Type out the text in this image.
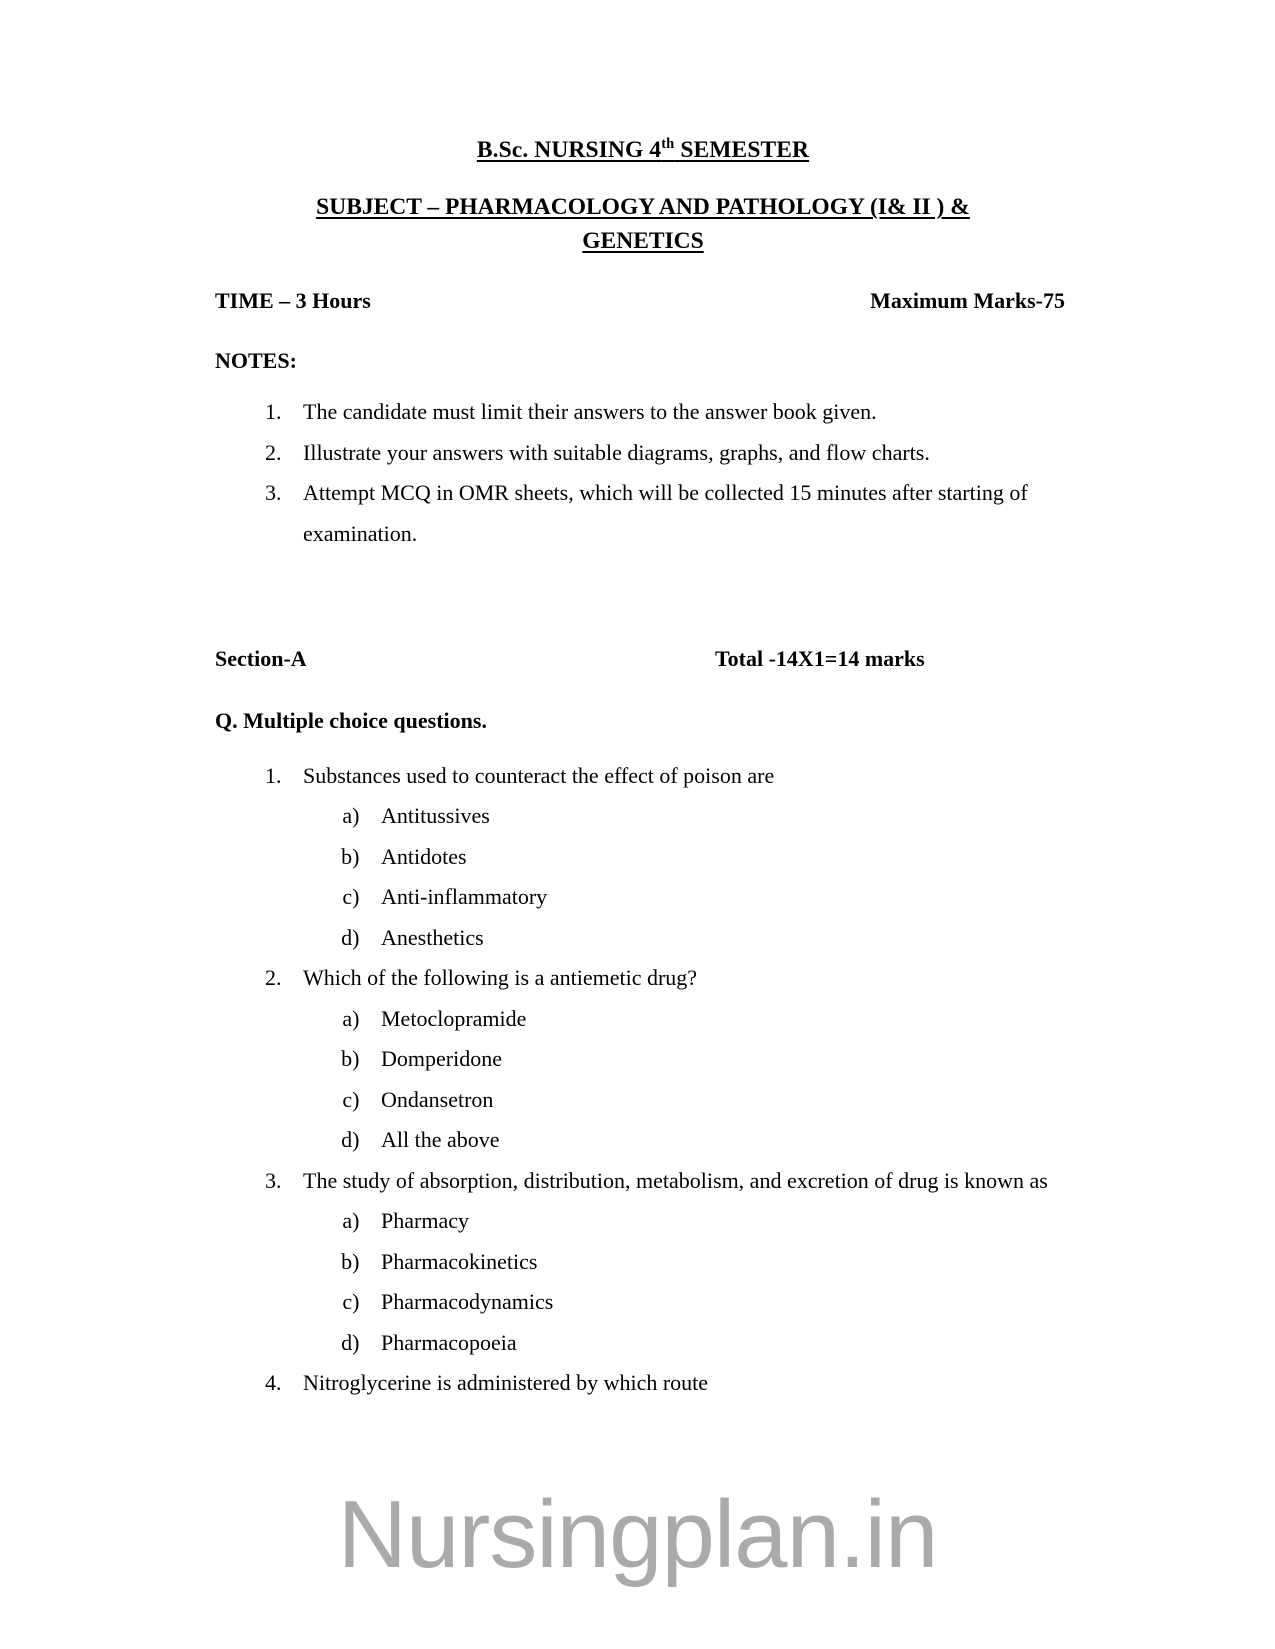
B.Sc. NURSING 4th SEMESTER
SUBJECT – PHARMACOLOGY AND PATHOLOGY (I& II ) &
GENETICS
TIME – 3 Hours	Maximum Marks-75
NOTES:
1. The candidate must limit their answers to the answer book given.
2. Illustrate your answers with suitable diagrams, graphs, and flow charts.
3. Attempt MCQ in OMR sheets, which will be collected 15 minutes after starting of examination.
Section-A	Total -14X1=14 marks
Q. Multiple choice questions.
1. Substances used to counteract the effect of poison are
a. Antitussives
b. Antidotes
c. Anti-inflammatory
d. Anesthetics
2. Which of the following is a antiemetic drug?
a. Metoclopramide
b. Domperidone
c. Ondansetron
d. All the above
3. The study of absorption, distribution, metabolism, and excretion of drug is known as
a. Pharmacy
b. Pharmacokinetics
c. Pharmacodynamics
d. Pharmacopoeia
4. Nitroglycerine is administered by which route
Nursingplan.in
